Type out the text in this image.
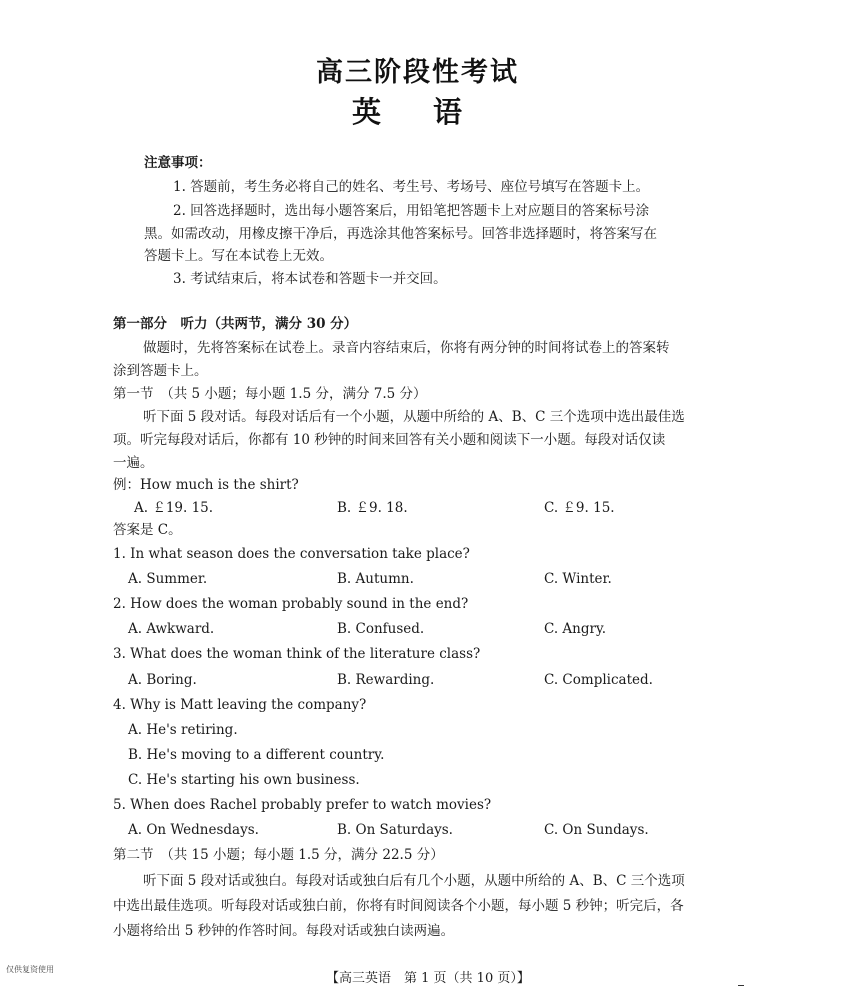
高三阶段性考试
英 语
注意事项：
1. 答题前，考生务必将自己的姓名、考生号、考场号、座位号填写在答题卡上。
2. 回答选择题时，选出每小题答案后，用铅笔把答题卡上对应题目的答案标号涂
黑。如需改动，用橡皮擦干净后，再选涂其他答案标号。回答非选择题时，将答案写在
答题卡上。写在本试卷上无效。
3. 考试结束后，将本试卷和答题卡一并交回。
第一部分　听力（共两节，满分 30 分）
做题时，先将答案标在试卷上。录音内容结束后，你将有两分钟的时间将试卷上的答案转
涂到答题卡上。
第一节　（共 5 小题；每小题 1.5 分，满分 7.5 分）
听下面 5 段对话。每段对话后有一个小题，从题中所给的 A、B、C 三个选项中选出最佳选
项。听完每段对话后，你都有 10 秒钟的时间来回答有关小题和阅读下一小题。每段对话仅读
一遍。
例：How much is the shirt?
A. ￡19. 15.	B. ￡9. 18.	C. ￡9. 15.
答案是 C。
1. In what season does the conversation take place?
A. Summer.	B. Autumn.	C. Winter.
2. How does the woman probably sound in the end?
A. Awkward.	B. Confused.	C. Angry.
3. What does the woman think of the literature class?
A. Boring.	B. Rewarding.	C. Complicated.
4. Why is Matt leaving the company?
A. He's retiring.
B. He's moving to a different country.
C. He's starting his own business.
5. When does Rachel probably prefer to watch movies?
A. On Wednesdays.	B. On Saturdays.	C. On Sundays.
第二节　（共 15 小题；每小题 1.5 分，满分 22.5 分）
听下面 5 段对话或独白。每段对话或独白后有几个小题，从题中所给的 A、B、C 三个选项
中选出最佳选项。听每段对话或独白前，你将有时间阅读各个小题，每小题 5 秒钟；听完后，各
小题将给出 5 秒钟的作答时间。每段对话或独白读两遍。
仅供复资使用
【高三英语　第 1 页（共 10 页）】
